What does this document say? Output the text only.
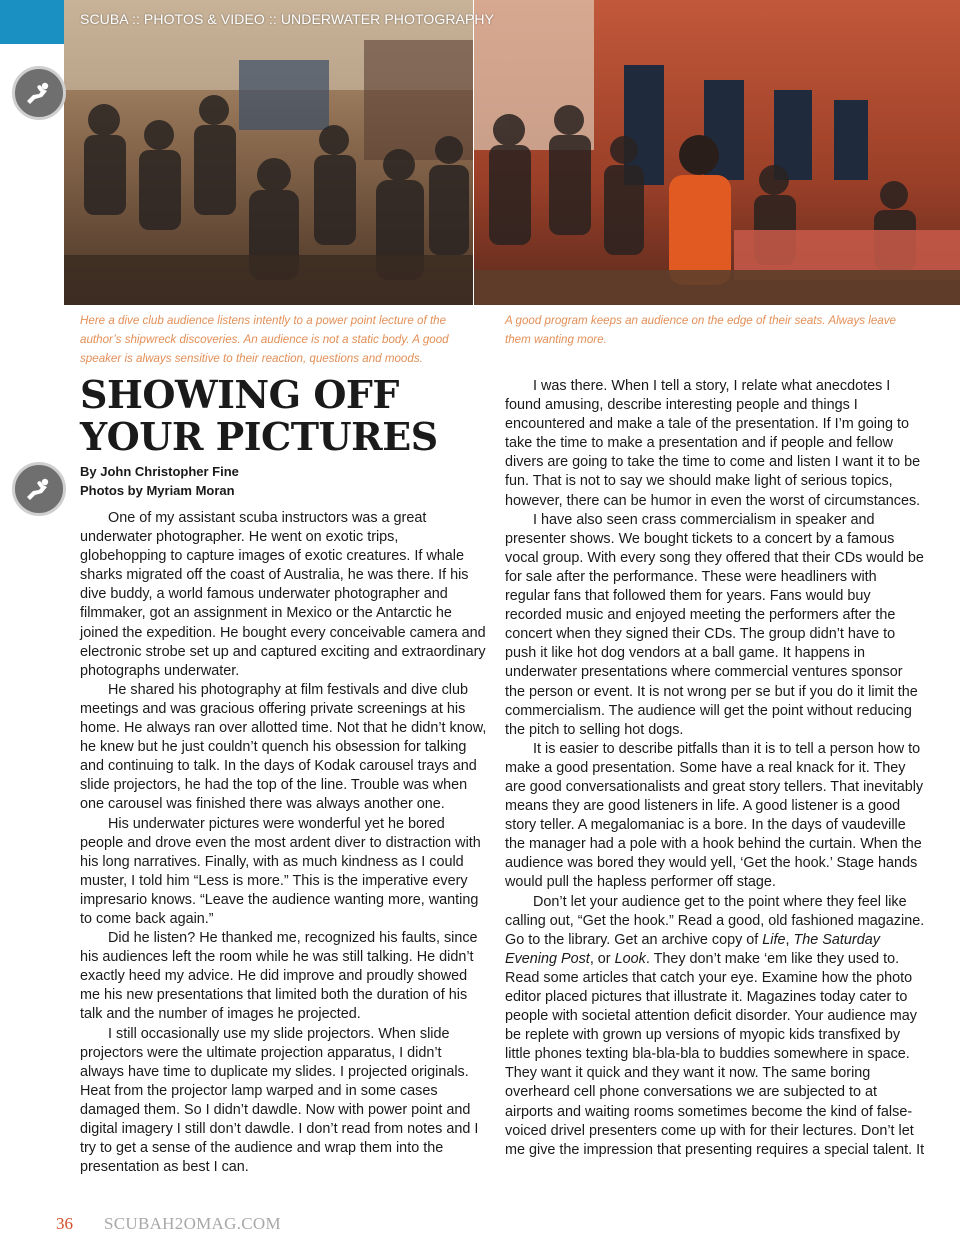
SCUBA :: PHOTOS & VIDEO :: UNDERWATER PHOTOGRAPHY

Here a dive club audience listens intently to a power point lecture of the author’s shipwreck discoveries. An audience is not a static body. A good speaker is always sensitive to their reaction, questions and moods.

A good program keeps an audience on the edge of their seats. Always leave them wanting more.

SHOWING OFF
YOUR PICTURES
By John Christopher Fine
Photos by Myriam Moran

One of my assistant scuba instructors was a great underwater photographer. He went on exotic trips, globehopping to capture images of exotic creatures. If whale sharks migrated off the coast of Australia, he was there. If his dive buddy, a world famous underwater photographer and filmmaker, got an assignment in Mexico or the Antarctic he joined the expedition. He bought every conceivable camera and electronic strobe set up and captured exciting and extraordinary photographs underwater.

He shared his photography at film festivals and dive club meetings and was gracious offering private screenings at his home. He always ran over allotted time. Not that he didn’t know, he knew but he just couldn’t quench his obsession for talking and continuing to talk. In the days of Kodak carousel trays and slide projectors, he had the top of the line. Trouble was when one carousel was finished there was always another one.

His underwater pictures were wonderful yet he bored people and drove even the most ardent diver to distraction with his long narratives. Finally, with as much kindness as I could muster, I told him “Less is more.” This is the imperative every impresario knows. “Leave the audience wanting more, wanting to come back again.”

Did he listen? He thanked me, recognized his faults, since his audiences left the room while he was still talking. He didn’t exactly heed my advice. He did improve and proudly showed me his new presentations that limited both the duration of his talk and the number of images he projected.

I still occasionally use my slide projectors. When slide projectors were the ultimate projection apparatus, I didn’t always have time to duplicate my slides. I projected originals. Heat from the projector lamp warped and in some cases damaged them. So I didn’t dawdle. Now with power point and digital imagery I still don’t dawdle. I don’t read from notes and I try to get a sense of the audience and wrap them into the presentation as best I can.

I was there. When I tell a story, I relate what anecdotes I found amusing, describe interesting people and things I encountered and make a tale of the presentation. If I’m going to take the time to make a presentation and if people and fellow divers are going to take the time to come and listen I want it to be fun. That is not to say we should make light of serious topics, however, there can be humor in even the worst of circumstances.

I have also seen crass commercialism in speaker and presenter shows. We bought tickets to a concert by a famous vocal group. With every song they offered that their CDs would be for sale after the performance. These were headliners with regular fans that followed them for years. Fans would buy recorded music and enjoyed meeting the performers after the concert when they signed their CDs. The group didn’t have to push it like hot dog vendors at a ball game. It happens in underwater presentations where commercial ventures sponsor the person or event. It is not wrong per se but if you do it limit the commercialism. The audience will get the point without reducing the pitch to selling hot dogs.

It is easier to describe pitfalls than it is to tell a person how to make a good presentation. Some have a real knack for it. They are good conversationalists and great story tellers. That inevitably means they are good listeners in life. A good listener is a good story teller. A megalomaniac is a bore. In the days of vaudeville the manager had a pole with a hook behind the curtain. When the audience was bored they would yell, ‘Get the hook.’ Stage hands would pull the hapless performer off stage.

Don’t let your audience get to the point where they feel like calling out, “Get the hook.” Read a good, old fashioned magazine. Go to the library. Get an archive copy of Life, The Saturday Evening Post, or Look. They don’t make ‘em like they used to. Read some articles that catch your eye. Examine how the photo editor placed pictures that illustrate it. Magazines today cater to people with societal attention deficit disorder. Your audience may be replete with grown up versions of myopic kids transfixed by little phones texting bla-bla-bla to buddies somewhere in space. They want it quick and they want it now. The same boring overheard cell phone conversations we are subjected to at airports and waiting rooms sometimes become the kind of false-voiced drivel presenters come up with for their lectures. Don’t let me give the impression that presenting requires a special talent. It

36 SCUBAH2OMAG.COM
